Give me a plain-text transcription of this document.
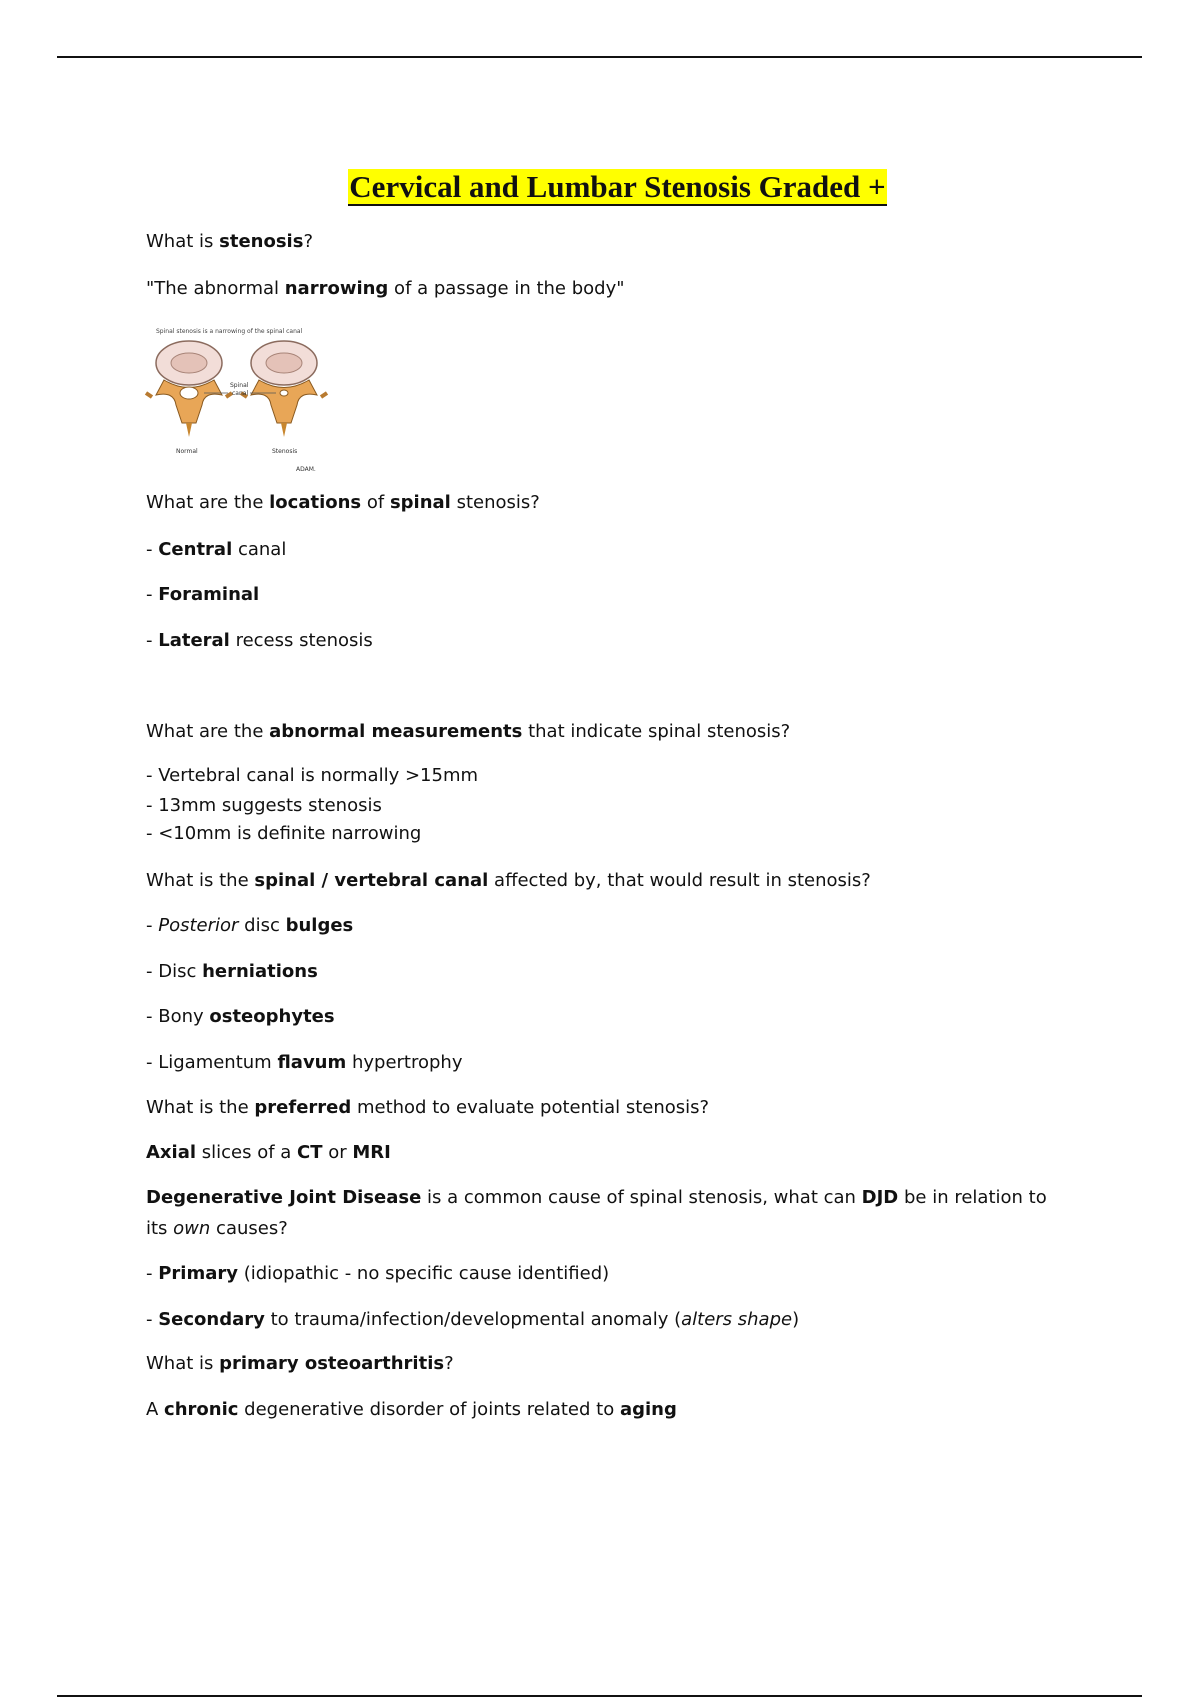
Cervical and Lumbar Stenosis Graded +
What is stenosis?
"The abnormal narrowing of a passage in the body"
Spinal stenosis is a narrowing of the spinal canal
Spinal
canal
Normal	Stenosis
ADAM.
What are the locations of spinal stenosis?
- Central canal
- Foraminal
- Lateral recess stenosis
What are the abnormal measurements that indicate spinal stenosis?
- Vertebral canal is normally >15mm
- 13mm suggests stenosis
- <10mm is definite narrowing
What is the spinal / vertebral canal affected by, that would result in stenosis?
- Posterior disc bulges
- Disc herniations
- Bony osteophytes
- Ligamentum flavum hypertrophy
What is the preferred method to evaluate potential stenosis?
Axial slices of a CT or MRI
Degenerative Joint Disease is a common cause of spinal stenosis, what can DJD be in relation to
its own causes?
- Primary (idiopathic - no specific cause identified)
- Secondary to trauma/infection/developmental anomaly (alters shape)
What is primary osteoarthritis?
A chronic degenerative disorder of joints related to aging
